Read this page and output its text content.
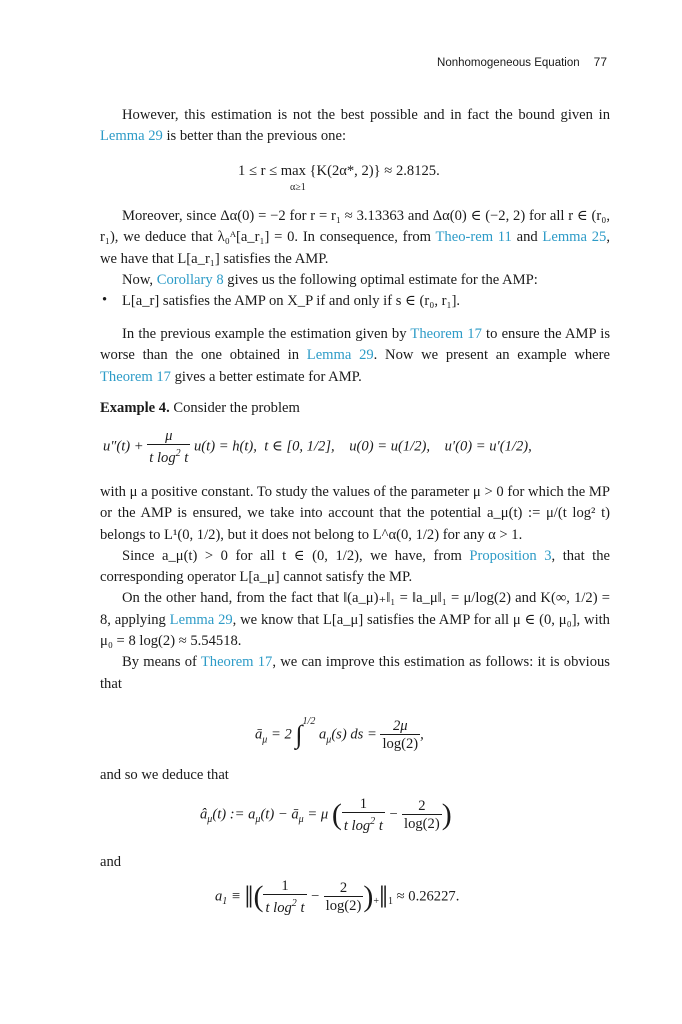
Nonhomogeneous Equation 77

However, this estimation is not the best possible and in fact the bound given in Lemma 29 is better than the previous one:

1 ≤ r ≤ max {K(2α*, 2)} ≈ 2.8125.
α≥1

Moreover, since Δα(0) = −2 for r = r₁ ≈ 3.13363 and Δα(0) ∈ (−2, 2) for all r ∈ (r₀, r₁), we deduce that λ₀ᴬ[a_r₁] = 0. In consequence, from Theo-rem 11 and Lemma 25, we have that L[a_r₁] satisfies the AMP.

Now, Corollary 8 gives us the following optimal estimate for the AMP:

• L[a_r] satisfies the AMP on X_P if and only if s ∈ (r₀, r₁].

In the previous example the estimation given by Theorem 17 to ensure the AMP is worse than the one obtained in Lemma 29. Now we present an example where Theorem 17 gives a better estimate for AMP.

Example 4. Consider the problem

$u''(t) + \frac{\mu}{t \log^2 t} u(t) = h(t)$,  t ∈ [0, 1/2],    u(0) = u(1/2),    u′(0) = u′(1/2),

with μ a positive constant. To study the values of the parameter μ > 0 for which the MP or the AMP is ensured, we take into account that the potential a_μ(t) := μ/(t log² t) belongs to L¹(0, 1/2), but it does not belong to L^α(0, 1/2) for any α > 1.

Since a_μ(t) > 0 for all t ∈ (0, 1/2), we have, from Proposition 3, that the corresponding operator L[a_μ] cannot satisfy the MP.

On the other hand, from the fact that ‖(a_μ)₊‖₁ = ‖a_μ‖₁ = μ/log(2) and K(∞, 1/2) = 8, applying Lemma 29, we know that L[a_μ] satisfies the AMP for all μ ∈ (0, μ₀], with μ₀ = 8 log(2) ≈ 5.54518.

By means of Theorem 17, we can improve this estimation as follows: it is obvious that

$ā_\mu = 2$ ∫$^{1/2}$ $a_\mu(s)$ ds = $\frac{2\mu}{\log(2)}$ ,

and so we deduce that

$â_\mu(t)$ := $a_\mu(t)$ − $ā_\mu = \mu$ ( $\frac{1}{t \log^2 t} - \frac{2}{\log(2)}$ )

and

$a_1$ ≡ ‖( $\frac{1}{t \log^2 t} - \frac{2}{\log(2)}$ )$_+‖_1 \approx 0.26227$.
